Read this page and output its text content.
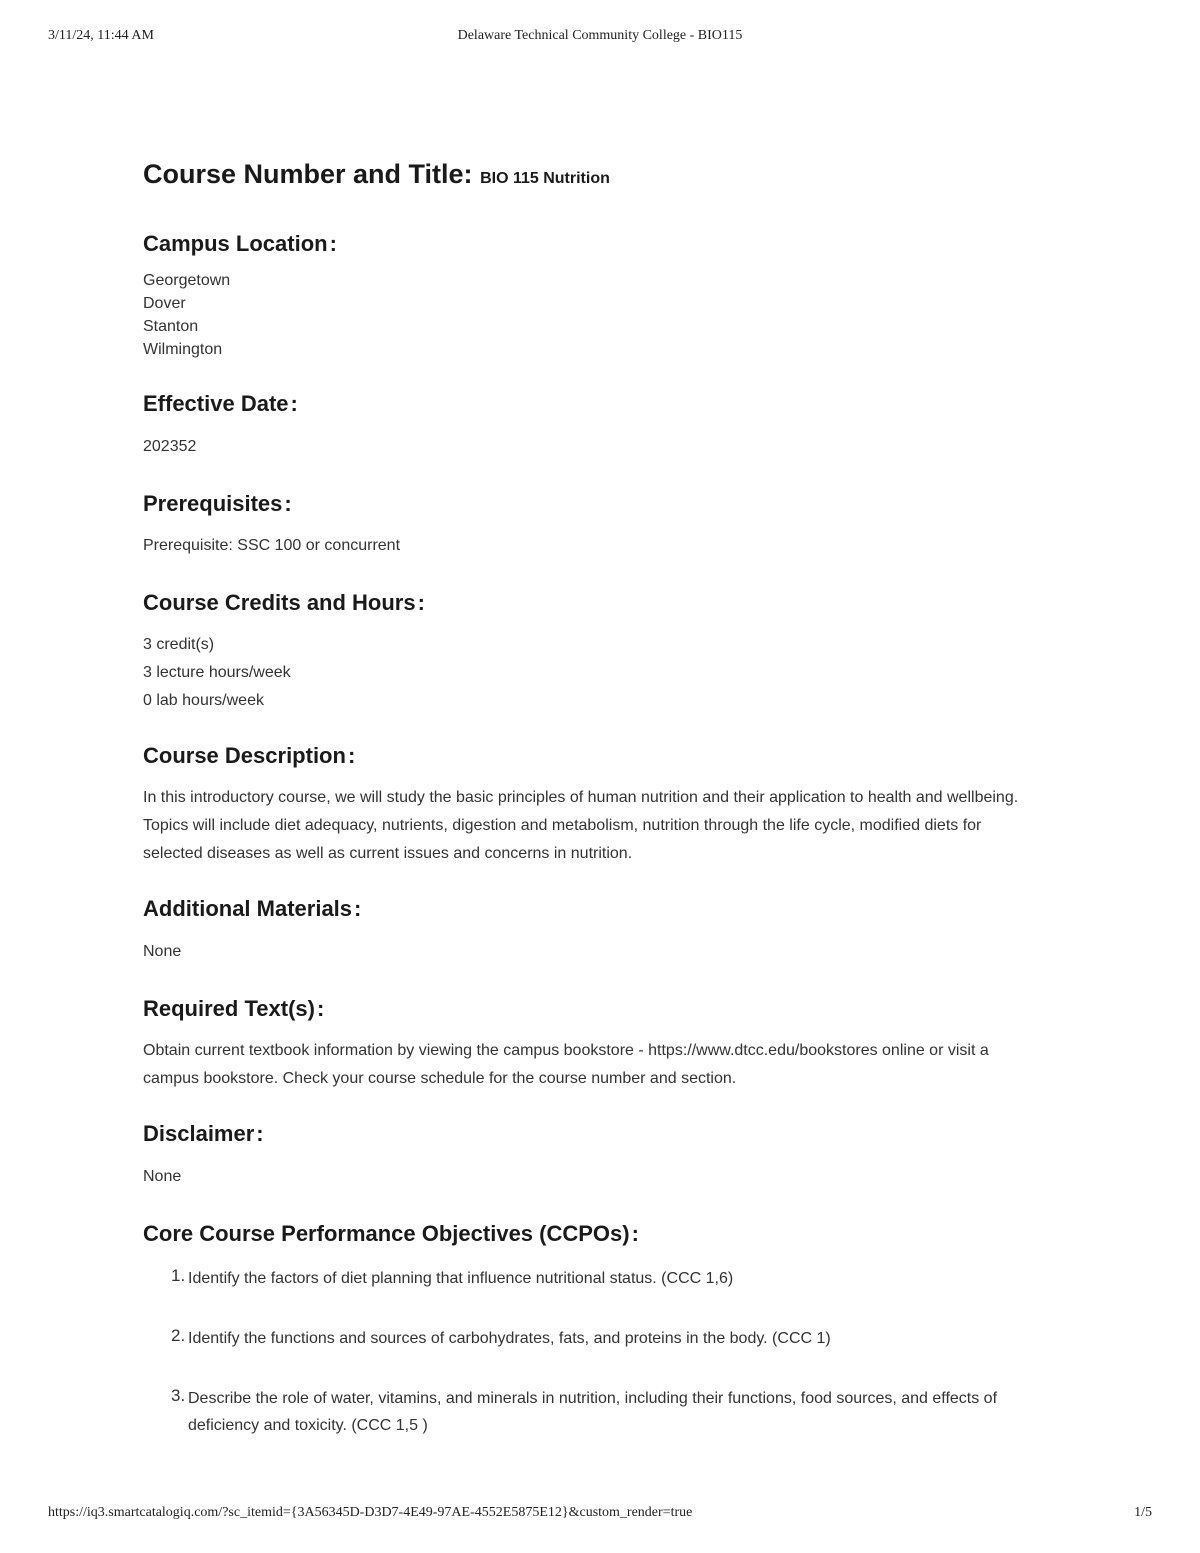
3/11/24, 11:44 AM	Delaware Technical Community College - BIO115
Course Number and Title: BIO 115 Nutrition
Campus Location:
Georgetown
Dover
Stanton
Wilmington
Effective Date:
202352
Prerequisites:
Prerequisite: SSC 100 or concurrent
Course Credits and Hours:
3 credit(s)
3 lecture hours/week
0 lab hours/week
Course Description:
In this introductory course, we will study the basic principles of human nutrition and their application to health and wellbeing. Topics will include diet adequacy, nutrients, digestion and metabolism, nutrition through the life cycle, modified diets for selected diseases as well as current issues and concerns in nutrition.
Additional Materials:
None
Required Text(s):
Obtain current textbook information by viewing the campus bookstore - https://www.dtcc.edu/bookstores online or visit a campus bookstore. Check your course schedule for the course number and section.
Disclaimer:
None
Core Course Performance Objectives (CCPOs):
1. Identify the factors of diet planning that influence nutritional status. (CCC 1,6)
2. Identify the functions and sources of carbohydrates, fats, and proteins in the body. (CCC 1)
3. Describe the role of water, vitamins, and minerals in nutrition, including their functions, food sources, and effects of deficiency and toxicity. (CCC 1,5 )
https://iq3.smartcatalogiq.com/?sc_itemid={3A56345D-D3D7-4E49-97AE-4552E5875E12}&custom_render=true	1/5
